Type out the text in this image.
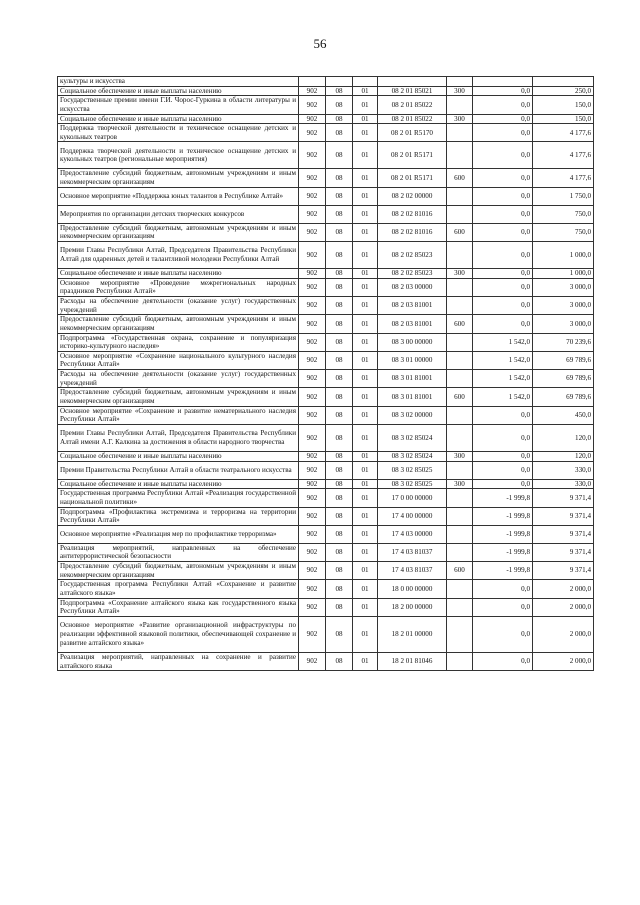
56
культуры и искусства							
Социальное обеспечение и иные выплаты населению	902	08	01	08 2 01 85021	300	0,0	250,0
Государственные премии имени Г.И. Чорос-Гуркина в области литературы и искусства	902	08	01	08 2 01 85022		0,0	150,0
Социальное обеспечение и иные выплаты населению	902	08	01	08 2 01 85022	300	0,0	150,0
Поддержка творческой деятельности и техническое оснащение детских и кукольных театров	902	08	01	08 2 01 R5170		0,0	4 177,6
Поддержка творческой деятельности и техническое оснащение детских и кукольных театров (региональные мероприятия)	902	08	01	08 2 01 R5171		0,0	4 177,6
Предоставление субсидий бюджетным, автономным учреждениям и иным некоммерческим организациям	902	08	01	08 2 01 R5171	600	0,0	4 177,6
Основное мероприятие «Поддержка юных талантов в Республике Алтай»	902	08	01	08 2 02 00000		0,0	1 750,0
Мероприятия по организации детских творческих конкурсов	902	08	01	08 2 02 81016		0,0	750,0
Предоставление субсидий бюджетным, автономным учреждениям и иным некоммерческим организациям	902	08	01	08 2 02 81016	600	0,0	750,0
Премии Главы Республики Алтай, Председателя Правительства Республики Алтай для одаренных детей и талантливой молодежи Республики Алтай	902	08	01	08 2 02 85023		0,0	1 000,0
Социальное обеспечение и иные выплаты населению	902	08	01	08 2 02 85023	300	0,0	1 000,0
Основное мероприятие «Проведение межрегиональных народных праздников Республики Алтай»	902	08	01	08 2 03 00000		0,0	3 000,0
Расходы на обеспечение деятельности (оказание услуг) государственных учреждений	902	08	01	08 2 03 81001		0,0	3 000,0
Предоставление субсидий бюджетным, автономным учреждениям и иным некоммерческим организациям	902	08	01	08 2 03 81001	600	0,0	3 000,0
Подпрограмма «Государственная охрана, сохранение и популяризация историко-культурного наследия»	902	08	01	08 3 00 00000		1 542,0	70 239,6
Основное мероприятие «Сохранение национального культурного наследия Республики Алтай»	902	08	01	08 3 01 00000		1 542,0	69 789,6
Расходы на обеспечение деятельности (оказание услуг) государственных учреждений	902	08	01	08 3 01 81001		1 542,0	69 789,6
Предоставление субсидий бюджетным, автономным учреждениям и иным некоммерческим организациям	902	08	01	08 3 01 81001	600	1 542,0	69 789,6
Основное мероприятие «Сохранение и развитие нематериального наследия Республики Алтай»	902	08	01	08 3 02 00000		0,0	450,0
Премии Главы Республики Алтай, Председателя Правительства Республики Алтай имени А.Г. Калкина за достижения в области народного творчества	902	08	01	08 3 02 85024		0,0	120,0
Социальное обеспечение и иные выплаты населению	902	08	01	08 3 02 85024	300	0,0	120,0
Премии Правительства Республики Алтай в области театрального искусства	902	08	01	08 3 02 85025		0,0	330,0
Социальное обеспечение и иные выплаты населению	902	08	01	08 3 02 85025	300	0,0	330,0
Государственная программа Республики Алтай «Реализация государственной национальной политики»	902	08	01	17 0 00 00000		-1 999,8	9 371,4
Подпрограмма «Профилактика экстремизма и терроризма на территории Республики Алтай»	902	08	01	17 4 00 00000		-1 999,8	9 371,4
Основное мероприятие «Реализация мер по профилактике терроризма»	902	08	01	17 4 03 00000		-1 999,8	9 371,4
Реализация мероприятий, направленных на обеспечение антитеррористической безопасности	902	08	01	17 4 03 81037		-1 999,8	9 371,4
Предоставление субсидий бюджетным, автономным учреждениям и иным некоммерческим организациям	902	08	01	17 4 03 81037	600	-1 999,8	9 371,4
Государственная программа Республики Алтай «Сохранение и развитие алтайского языка»	902	08	01	18 0 00 00000		0,0	2 000,0
Подпрограмма «Сохранение алтайского языка как государственного языка Республики Алтай»	902	08	01	18 2 00 00000		0,0	2 000,0
Основное мероприятие «Развитие организационной инфраструктуры по реализации эффективной языковой политики, обеспечивающей сохранение и развитие алтайского языка»	902	08	01	18 2 01 00000		0,0	2 000,0
Реализация мероприятий, направленных на сохранение и развитие алтайского языка	902	08	01	18 2 01 81046		0,0	2 000,0
